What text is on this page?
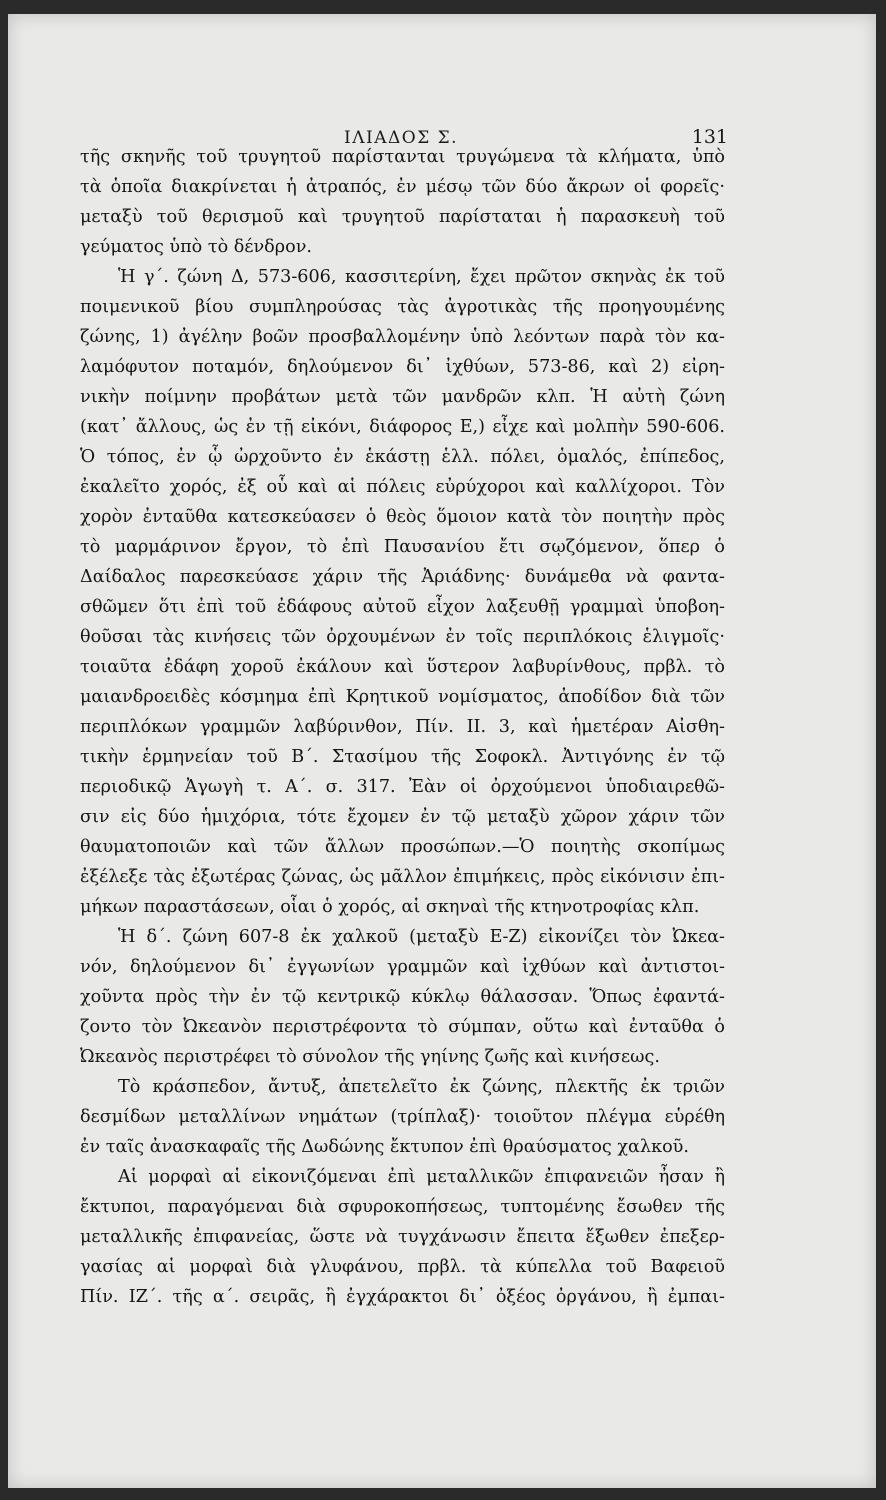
ΙΛΙΑΔΟΣ Σ.	131
τῆς σκηνῆς τοῦ τρυγητοῦ παρίστανται τρυγώμενα τὰ κλήματα, ὑπὸ
τὰ ὁποῖα διακρίνεται ἡ ἀτραπός, ἐν μέσῳ τῶν δύο ἄκρων οἱ φορεῖς·
μεταξὺ τοῦ θερισμοῦ καὶ τρυγητοῦ παρίσταται ἡ παρασκευὴ τοῦ
γεύματος ὑπὸ τὸ δένδρον.
Ἡ γ΄. ζώνη Δ, 573-606, κασσιτερίνη, ἔχει πρῶτον σκηνὰς ἐκ τοῦ
ποιμενικοῦ βίου συμπληρούσας τὰς ἀγροτικὰς τῆς προηγουμένης
ζώνης, 1) ἀγέλην βοῶν προσβαλλομένην ὑπὸ λεόντων παρὰ τὸν κα-
λαμόφυτον ποταμόν, δηλούμενον δι᾽ ἰχθύων, 573-86, καὶ 2) εἰρη-
νικὴν ποίμνην προβάτων μετὰ τῶν μανδρῶν κλπ. Ἡ αὐτὴ ζώνη
(κατ᾽ ἄλλους, ὡς ἐν τῇ εἰκόνι, διάφορος Ε,) εἶχε καὶ μολπὴν 590-606.
Ὁ τόπος, ἐν ᾧ ὠρχοῦντο ἐν ἑκάστῃ ἑλλ. πόλει, ὁμαλός, ἐπίπεδος,
ἐκαλεῖτο χορός, ἐξ οὗ καὶ αἱ πόλεις εὐρύχοροι καὶ καλλίχοροι. Τὸν
χορὸν ἐνταῦθα κατεσκεύασεν ὁ θεὸς ὅμοιον κατὰ τὸν ποιητὴν πρὸς
τὸ μαρμάρινον ἔργον, τὸ ἐπὶ Παυσανίου ἔτι σῳζόμενον, ὅπερ ὁ
Δαίδαλος παρεσκεύασε χάριν τῆς Ἀριάδνης· δυνάμεθα νὰ φαντα-
σθῶμεν ὅτι ἐπὶ τοῦ ἐδάφους αὐτοῦ εἶχον λαξευθῇ γραμμαὶ ὑποβοη-
θοῦσαι τὰς κινήσεις τῶν ὀρχουμένων ἐν τοῖς περιπλόκοις ἑλιγμοῖς·
τοιαῦτα ἐδάφη χοροῦ ἐκάλουν καὶ ὕστερον λαβυρίνθους, πρβλ. τὸ
μαιανδροειδὲς κόσμημα ἐπὶ Κρητικοῦ νομίσματος, ἀποδίδον διὰ τῶν
περιπλόκων γραμμῶν λαβύρινθον, Πίν. ΙΙ. 3, καὶ ἡμετέραν Αἰσθη-
τικὴν ἑρμηνείαν τοῦ Β΄. Στασίμου τῆς Σοφοκλ. Ἀντιγόνης ἐν τῷ
περιοδικῷ Ἀγωγὴ τ. Α΄. σ. 317. Ἐὰν οἱ ὀρχούμενοι ὑποδιαιρεθῶ-
σιν εἰς δύο ἡμιχόρια, τότε ἔχομεν ἐν τῷ μεταξὺ χῶρον χάριν τῶν
θαυματοποιῶν καὶ τῶν ἄλλων προσώπων.—Ὁ ποιητὴς σκοπίμως
ἐξέλεξε τὰς ἐξωτέρας ζώνας, ὡς μᾶλλον ἐπιμήκεις, πρὸς εἰκόνισιν ἐπι-
μήκων παραστάσεων, οἷαι ὁ χορός, αἱ σκηναὶ τῆς κτηνοτροφίας κλπ.
Ἡ δ΄. ζώνη 607-8 ἐκ χαλκοῦ (μεταξὺ Ε-Ζ) εἰκονίζει τὸν Ὠκεα-
νόν, δηλούμενον δι᾽ ἐγγωνίων γραμμῶν καὶ ἰχθύων καὶ ἀντιστοι-
χοῦντα πρὸς τὴν ἐν τῷ κεντρικῷ κύκλῳ θάλασσαν. Ὅπως ἐφαντά-
ζοντο τὸν Ὠκεανὸν περιστρέφοντα τὸ σύμπαν, οὕτω καὶ ἐνταῦθα ὁ
Ὠκεανὸς περιστρέφει τὸ σύνολον τῆς γηίνης ζωῆς καὶ κινήσεως.
Τὸ κράσπεδον, ἄντυξ, ἀπετελεῖτο ἐκ ζώνης, πλεκτῆς ἐκ τριῶν
δεσμίδων μεταλλίνων νημάτων (τρίπλαξ)· τοιοῦτον πλέγμα εὑρέθη
ἐν ταῖς ἀνασκαφαῖς τῆς Δωδώνης ἔκτυπον ἐπὶ θραύσματος χαλκοῦ.
Αἱ μορφαὶ αἱ εἰκονιζόμεναι ἐπὶ μεταλλικῶν ἐπιφανειῶν ἦσαν ἢ
ἔκτυποι, παραγόμεναι διὰ σφυροκοπήσεως, τυπτομένης ἔσωθεν τῆς
μεταλλικῆς ἐπιφανείας, ὥστε νὰ τυγχάνωσιν ἔπειτα ἔξωθεν ἐπεξερ-
γασίας αἱ μορφαὶ διὰ γλυφάνου, πρβλ. τὰ κύπελλα τοῦ Βαφειοῦ
Πίν. ΙΖ΄. τῆς α΄. σειρᾶς, ἢ ἐγχάρακτοι δι᾽ ὀξέος ὀργάνου, ἢ ἐμπαι-
